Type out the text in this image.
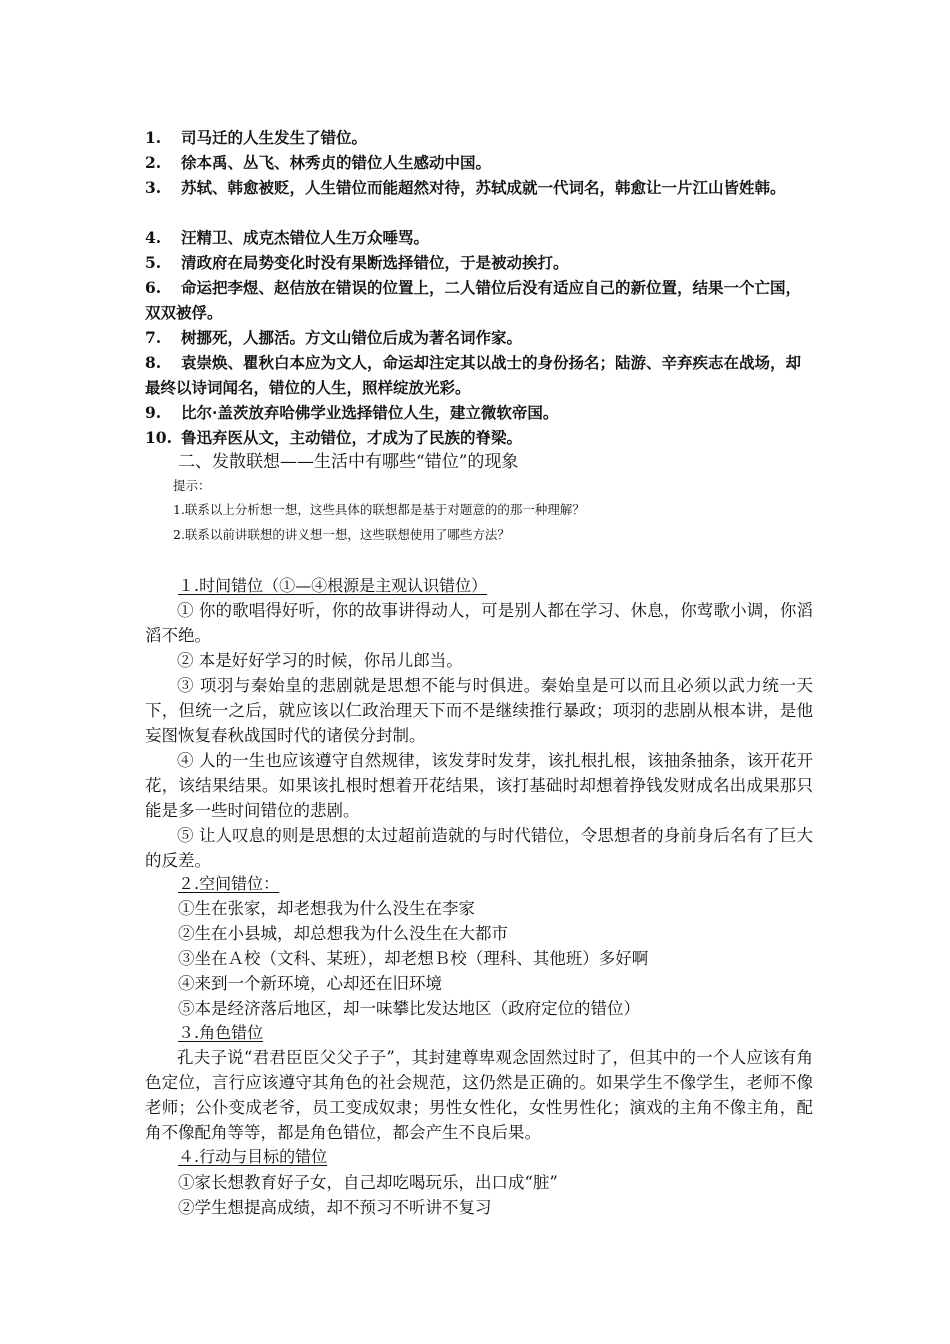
1. 司马迁的人生发生了错位。
2. 徐本禹、丛飞、林秀贞的错位人生感动中国。
3. 苏轼、韩愈被贬，人生错位而能超然对待，苏轼成就一代词名，韩愈让一片江山皆姓韩。
4. 汪精卫、成克杰错位人生万众唾骂。
5. 清政府在局势变化时没有果断选择错位，于是被动挨打。
6. 命运把李煜、赵佶放在错误的位置上，二人错位后没有适应自己的新位置，结果一个亡国，双双被俘。
7. 树挪死，人挪活。方文山错位后成为著名词作家。
8. 袁崇焕、瞿秋白本应为文人，命运却注定其以战士的身份扬名；陆游、辛弃疾志在战场，却最终以诗词闻名，错位的人生，照样绽放光彩。
9. 比尔·盖茨放弃哈佛学业选择错位人生，建立微软帝国。
10. 鲁迅弃医从文，主动错位，才成为了民族的脊梁。
二、发散联想——生活中有哪些“错位”的现象
提示：
1.联系以上分析想一想，这些具体的联想都是基于对题意的的那一种理解？
2.联系以前讲联想的讲义想一想，这些联想使用了哪些方法？
１.时间错位（①—④根源是主观认识错位）
① 你的歌唱得好听，你的故事讲得动人，可是别人都在学习、休息，你莺歌小调，你滔滔不绝。
② 本是好好学习的时候，你吊儿郎当。
③ 项羽与秦始皇的悲剧就是思想不能与时俱进。秦始皇是可以而且必须以武力统一天下，但统一之后，就应该以仁政治理天下而不是继续推行暴政；项羽的悲剧从根本讲，是他妄图恢复春秋战国时代的诸侯分封制。
④ 人的一生也应该遵守自然规律，该发芽时发芽，该扎根扎根，该抽条抽条，该开花开花，该结果结果。如果该扎根时想着开花结果，该打基础时却想着挣钱发财成名出成果那只能是多一些时间错位的悲剧。
⑤ 让人叹息的则是思想的太过超前造就的与时代错位，令思想者的身前身后名有了巨大的反差。
２.空间错位：
①生在张家，却老想我为什么没生在李家
②生在小县城，却总想我为什么没生在大都市
③坐在Ａ校（文科、某班），却老想Ｂ校（理科、其他班）多好啊
④来到一个新环境，心却还在旧环境
⑤本是经济落后地区，却一味攀比发达地区（政府定位的错位）
３.角色错位
孔夫子说“君君臣臣父父子子”，其封建尊卑观念固然过时了，但其中的一个人应该有角色定位，言行应该遵守其角色的社会规范，这仍然是正确的。如果学生不像学生，老师不像老师；公仆变成老爷，员工变成奴隶；男性女性化，女性男性化；演戏的主角不像主角，配角不像配角等等，都是角色错位，都会产生不良后果。
４.行动与目标的错位
①家长想教育好子女，自己却吃喝玩乐，出口成“脏”
②学生想提高成绩，却不预习不听讲不复习
